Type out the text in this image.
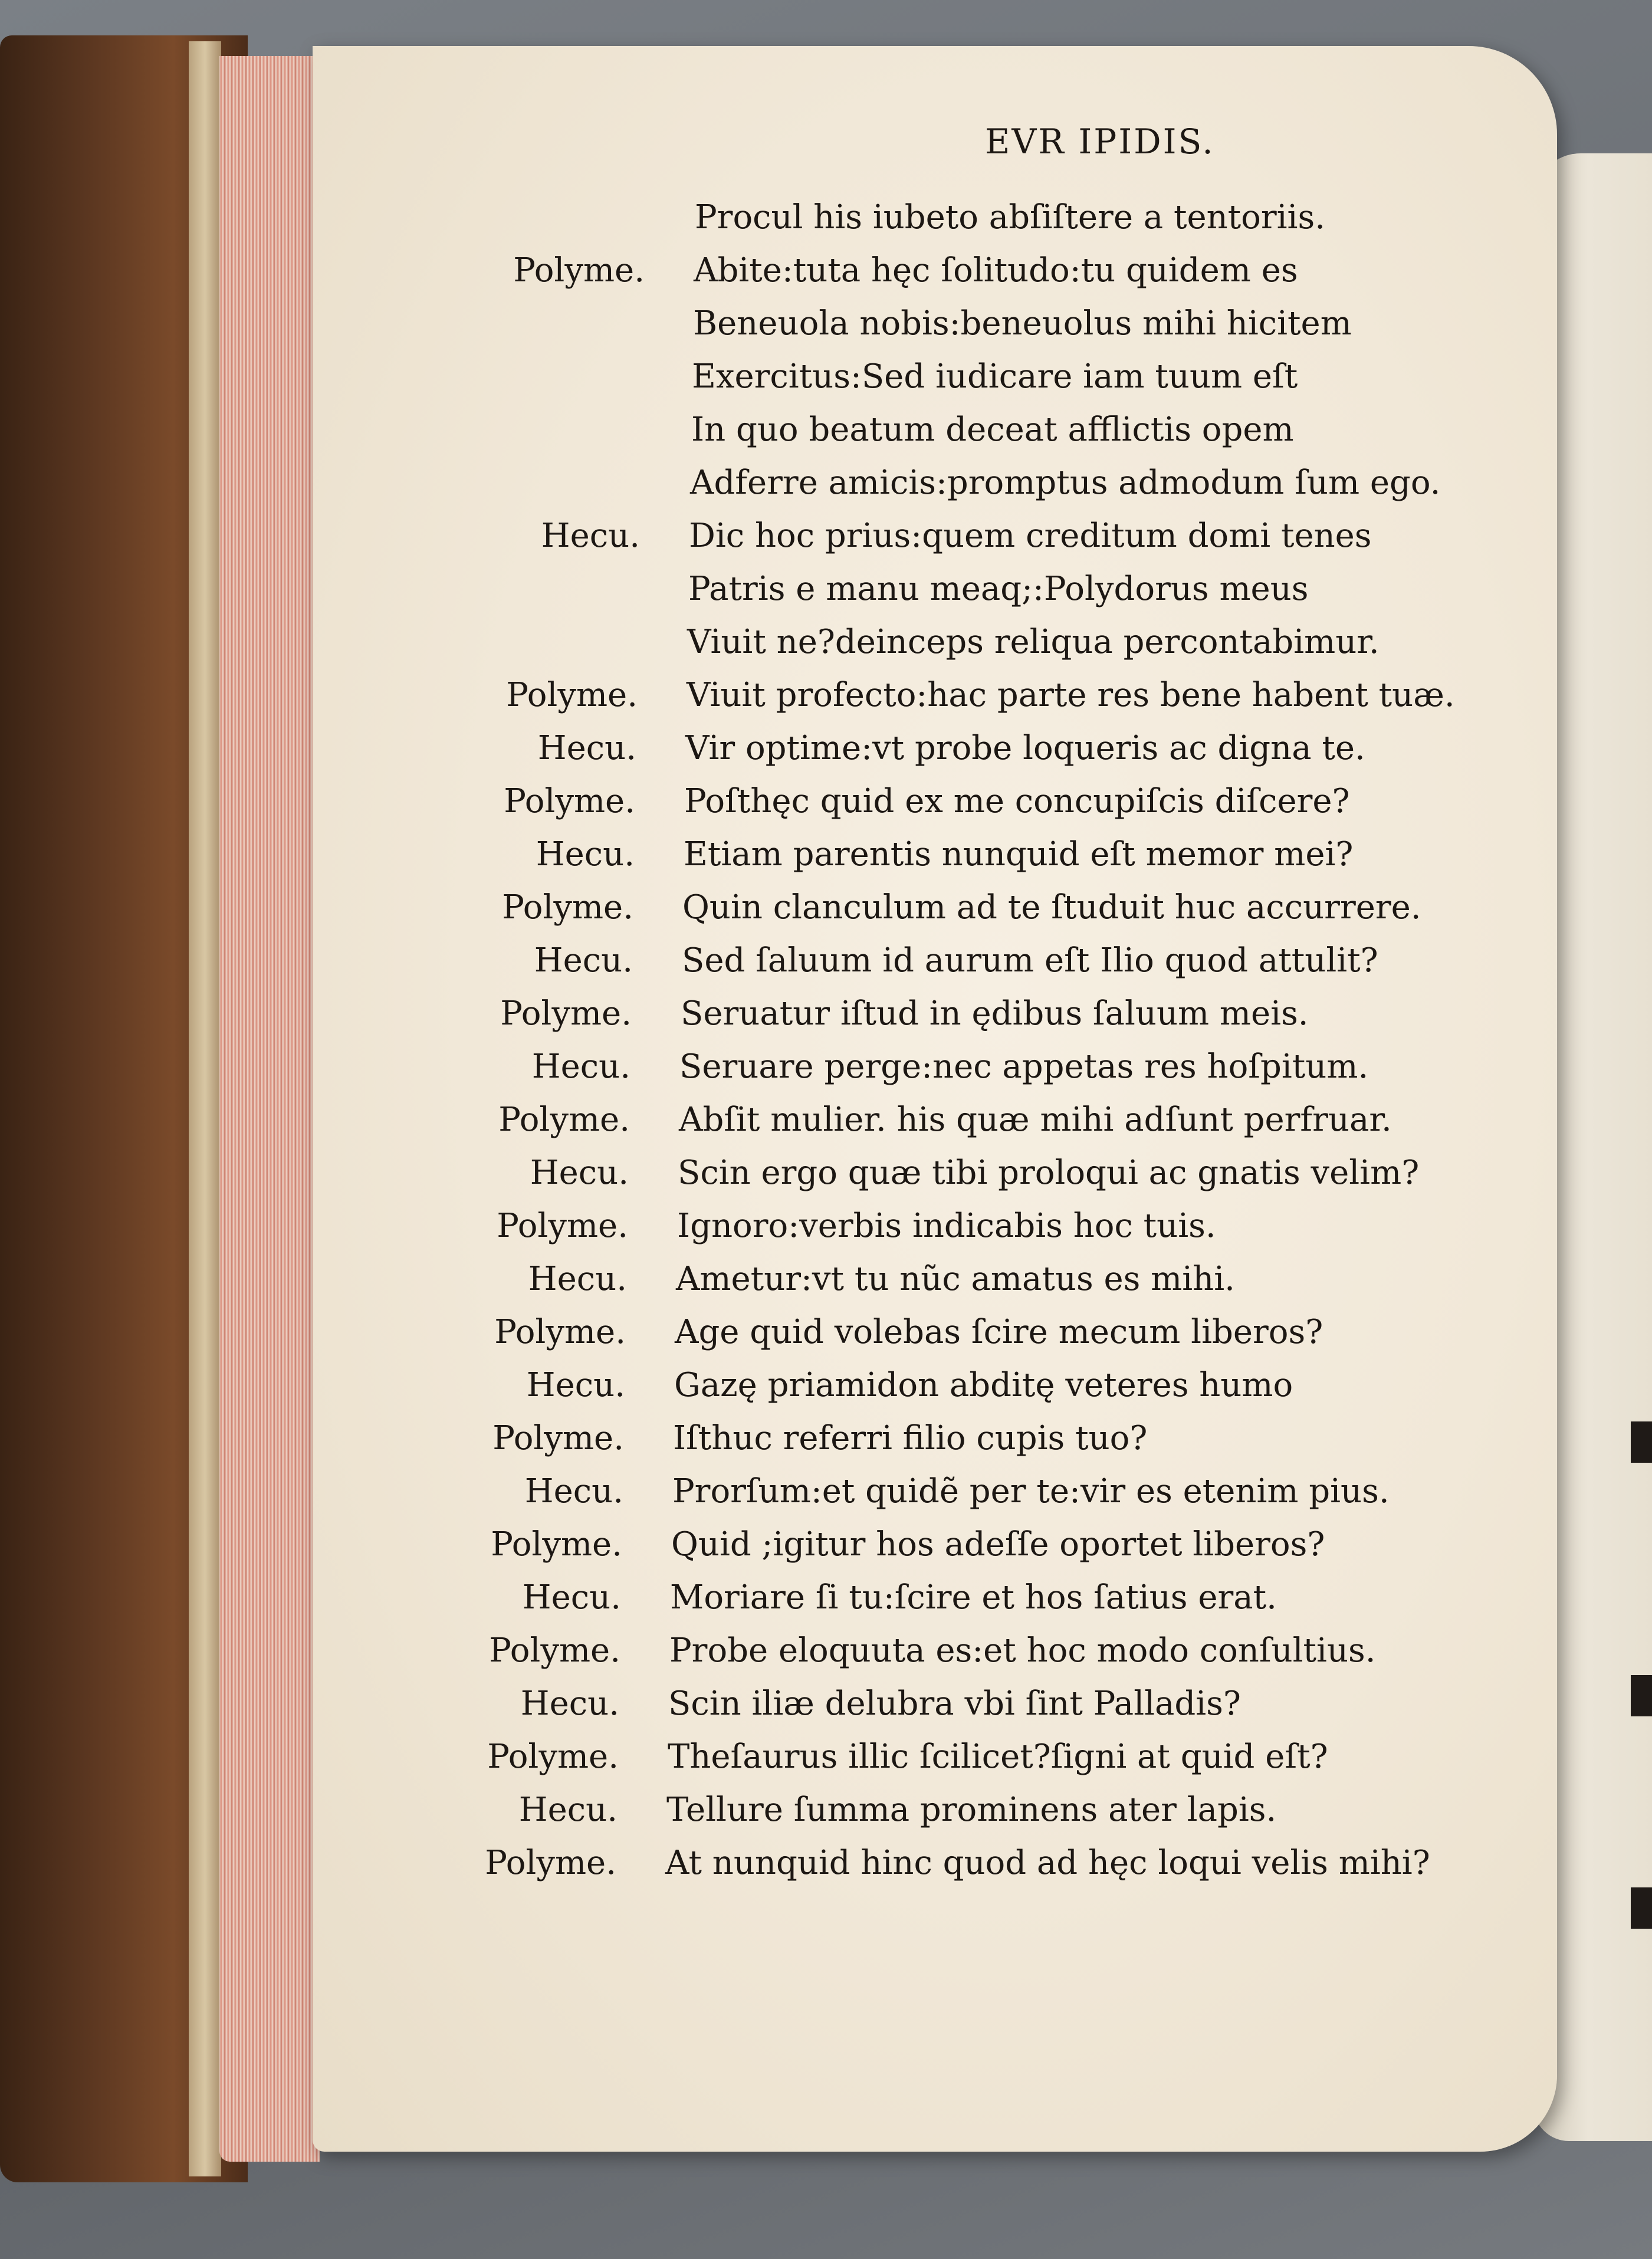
EVR IPIDIS.
Procul his iubeto abſiſtere a tentoriis.
Polyme. Abite:tuta hęc ſolitudo:tu quidem es
Beneuola nobis:beneuolus mihi hicitem
Exercitus:Sed iudicare iam tuum eſt
In quo beatum deceat afflictis opem
Adferre amicis:promptus admodum ſum ego.
Hecu. Dic hoc prius:quem creditum domi tenes
Patris e manu meaq;:Polydorus meus
Viuit ne?deinceps reliqua percontabimur.
Polyme. Viuit profecto:hac parte res bene habent tuæ.
Hecu. Vir optime:vt probe loqueris ac digna te.
Polyme. Poſthęc quid ex me concupiſcis diſcere?
Hecu. Etiam parentis nunquid eſt memor mei?
Polyme. Quin clanculum ad te ſtuduit huc accurrere.
Hecu. Sed ſaluum id aurum eſt Ilio quod attulit?
Polyme. Seruatur iſtud in ędibus ſaluum meis.
Hecu. Seruare perge:nec appetas res hoſpitum.
Polyme. Abſit mulier. his quæ mihi adſunt perfruar.
Hecu. Scin ergo quæ tibi proloqui ac gnatis velim?
Polyme. Ignoro:verbis indicabis hoc tuis.
Hecu. Ametur:vt tu nũc amatus es mihi.
Polyme. Age quid volebas ſcire mecum liberos?
Hecu. Gazę priamidon abditę veteres humo
Polyme. Iſthuc referri filio cupis tuo?
Hecu. Prorſum:et quidẽ per te:vir es etenim pius.
Polyme. Quid ;igitur hos adeſſe oportet liberos?
Hecu. Moriare ſi tu:ſcire et hos ſatius erat.
Polyme. Probe eloquuta es:et hoc modo conſultius.
Hecu. Scin iliæ delubra vbi ſint Palladis?
Polyme. Theſaurus illic ſcilicet?ſigni at quid eſt?
Hecu. Tellure ſumma prominens ater lapis.
Polyme. At nunquid hinc quod ad hęc loqui velis mihi?
